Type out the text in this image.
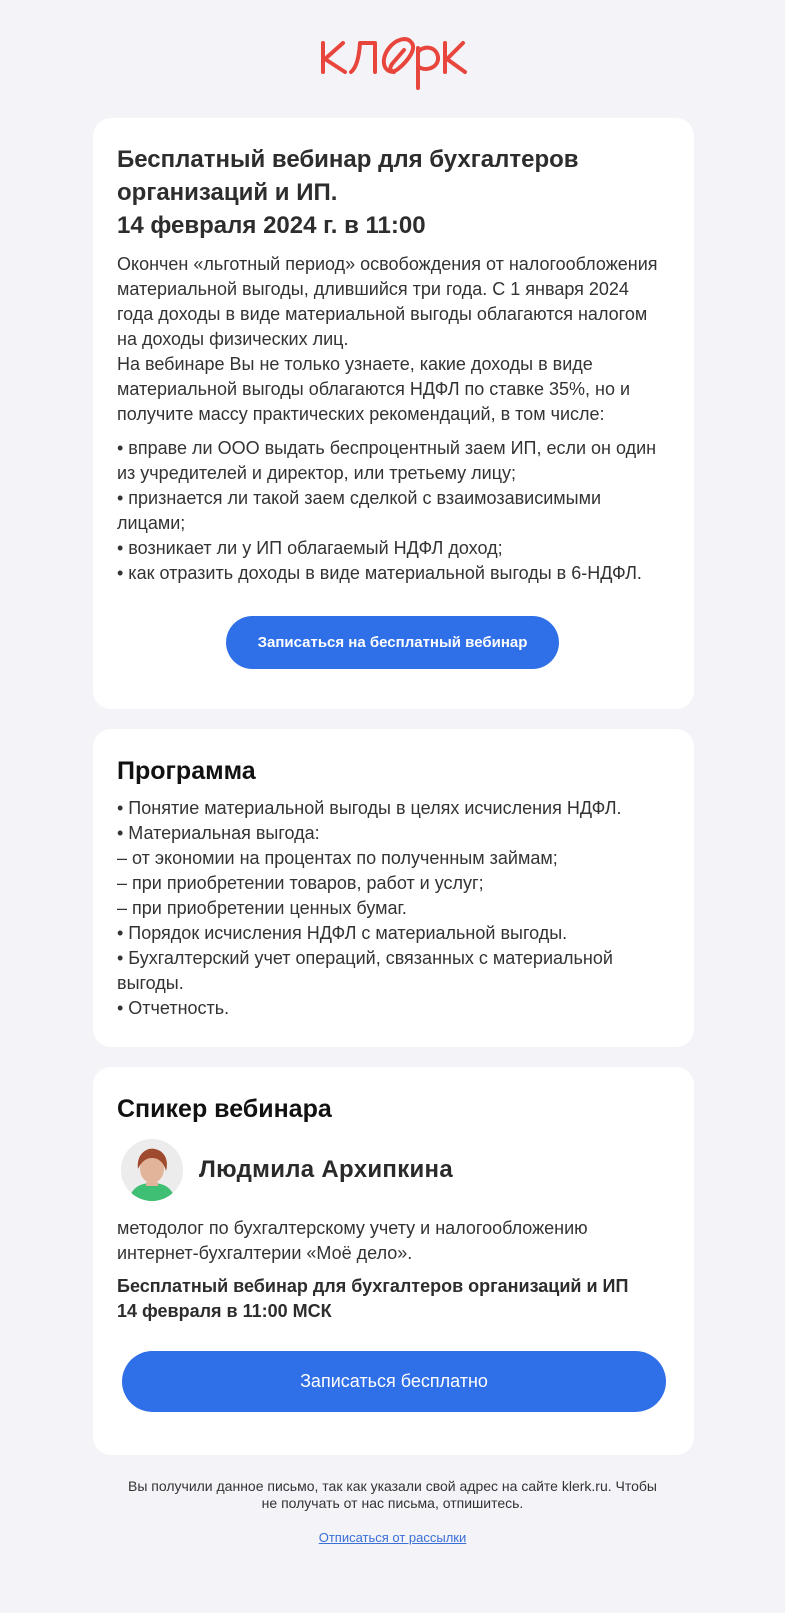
Бесплатный вебинар для бухгалтеров
организаций и ИП.
14 февраля 2024 г. в 11:00
Окончен «льготный период» освобождения от налогообложения
материальной выгоды, длившийся три года. С 1 января 2024
года доходы в виде материальной выгоды облагаются налогом
на доходы физических лиц.
На вебинаре Вы не только узнаете, какие доходы в виде
материальной выгоды облагаются НДФЛ по ставке 35%, но и
получите массу практических рекомендаций, в том числе:
• вправе ли ООО выдать беспроцентный заем ИП, если он один
из учредителей и директор, или третьему лицу;
• признается ли такой заем сделкой с взаимозависимыми
лицами;
• возникает ли у ИП облагаемый НДФЛ доход;
• как отразить доходы в виде материальной выгоды в 6-НДФЛ.
Записаться на бесплатный вебинар
Программа
• Понятие материальной выгоды в целях исчисления НДФЛ.
• Материальная выгода:
– от экономии на процентах по полученным займам;
– при приобретении товаров, работ и услуг;
– при приобретении ценных бумаг.
• Порядок исчисления НДФЛ с материальной выгоды.
• Бухгалтерский учет операций, связанных с материальной
выгоды.
• Отчетность.
Спикер вебинара
Людмила Архипкина
методолог по бухгалтерскому учету и налогообложению
интернет-бухгалтерии «Моё дело».
Бесплатный вебинар для бухгалтеров организаций и ИП
14 февраля в 11:00 МСК
Записаться бесплатно
Вы получили данное письмо, так как указали свой адрес на сайте klerk.ru. Чтобы
не получать от нас письма, отпишитесь.
Отписаться от рассылки
